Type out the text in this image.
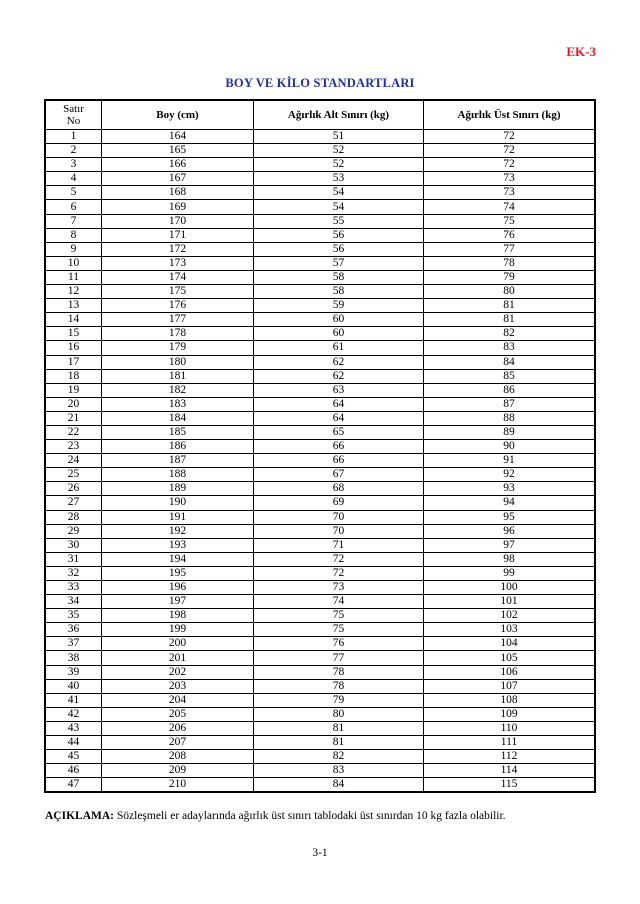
EK-3
BOY VE KİLO STANDARTLARI
Satır No	Boy (cm)	Ağırlık Alt Sınırı (kg)	Ağırlık Üst Sınırı (kg)
1	164	51	72
2	165	52	72
3	166	52	72
4	167	53	73
5	168	54	73
6	169	54	74
7	170	55	75
8	171	56	76
9	172	56	77
10	173	57	78
11	174	58	79
12	175	58	80
13	176	59	81
14	177	60	81
15	178	60	82
16	179	61	83
17	180	62	84
18	181	62	85
19	182	63	86
20	183	64	87
21	184	64	88
22	185	65	89
23	186	66	90
24	187	66	91
25	188	67	92
26	189	68	93
27	190	69	94
28	191	70	95
29	192	70	96
30	193	71	97
31	194	72	98
32	195	72	99
33	196	73	100
34	197	74	101
35	198	75	102
36	199	75	103
37	200	76	104
38	201	77	105
39	202	78	106
40	203	78	107
41	204	79	108
42	205	80	109
43	206	81	110
44	207	81	111
45	208	82	112
46	209	83	114
47	210	84	115
AÇIKLAMA: Sözleşmeli er adaylarında ağırlık üst sınırı tablodaki üst sınırdan 10 kg fazla olabilir.
3-1
